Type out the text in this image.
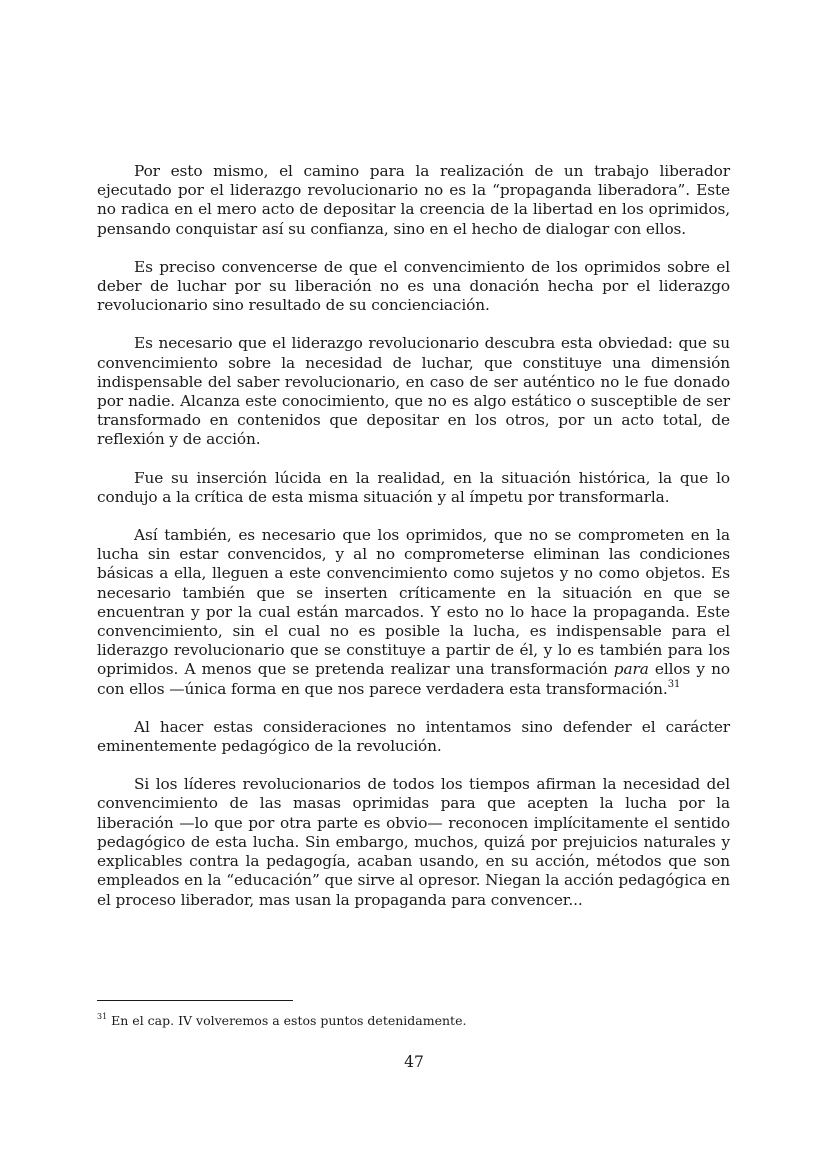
Por esto mismo, el camino para la realización de un trabajo liberador ejecutado por el liderazgo revolucionario no es la “propaganda liberadora”. Este no radica en el mero acto de depositar la creencia de la libertad en los oprimidos, pensando conquistar así su confianza, sino en el hecho de dialogar con ellos.

Es preciso convencerse de que el convencimiento de los oprimidos sobre el deber de luchar por su liberación no es una donación hecha por el liderazgo revolucionario sino resultado de su concienciación.

Es necesario que el liderazgo revolucionario descubra esta obviedad: que su convencimiento sobre la necesidad de luchar, que constituye una dimensión indispensable del saber revolucionario, en caso de ser auténtico no le fue donado por nadie. Alcanza este conocimiento, que no es algo estático o susceptible de ser transformado en contenidos que depositar en los otros, por un acto total, de reflexión y de acción.

Fue su inserción lúcida en la realidad, en la situación histórica, la que lo condujo a la crítica de esta misma situación y al ímpetu por transformarla.

Así también, es necesario que los oprimidos, que no se comprometen en la lucha sin estar convencidos, y al no comprometerse eliminan las condiciones básicas a ella, lleguen a este convencimiento como sujetos y no como objetos. Es necesario también que se inserten críticamente en la situación en que se encuentran y por la cual están marcados. Y esto no lo hace la propaganda. Este convencimiento, sin el cual no es posible la lucha, es indispensable para el liderazgo revolucionario que se constituye a partir de él, y lo es también para los oprimidos. A menos que se pretenda realizar una transformación para ellos y no con ellos —única forma en que nos parece verdadera esta transformación.$^{31}$

Al hacer estas consideraciones no intentamos sino defender el carácter eminentemente pedagógico de la revolución.

Si los líderes revolucionarios de todos los tiempos afirman la necesidad del convencimiento de las masas oprimidas para que acepten la lucha por la liberación —lo que por otra parte es obvio— reconocen implícitamente el sentido pedagógico de esta lucha. Sin embargo, muchos, quizá por prejuicios naturales y explicables contra la pedagogía, acaban usando, en su acción, métodos que son empleados en la “educación” que sirve al opresor. Niegan la acción pedagógica en el proceso liberador, mas usan la propaganda para convencer...

$^{31}$ En el cap. IV volveremos a estos puntos detenidamente.
47
